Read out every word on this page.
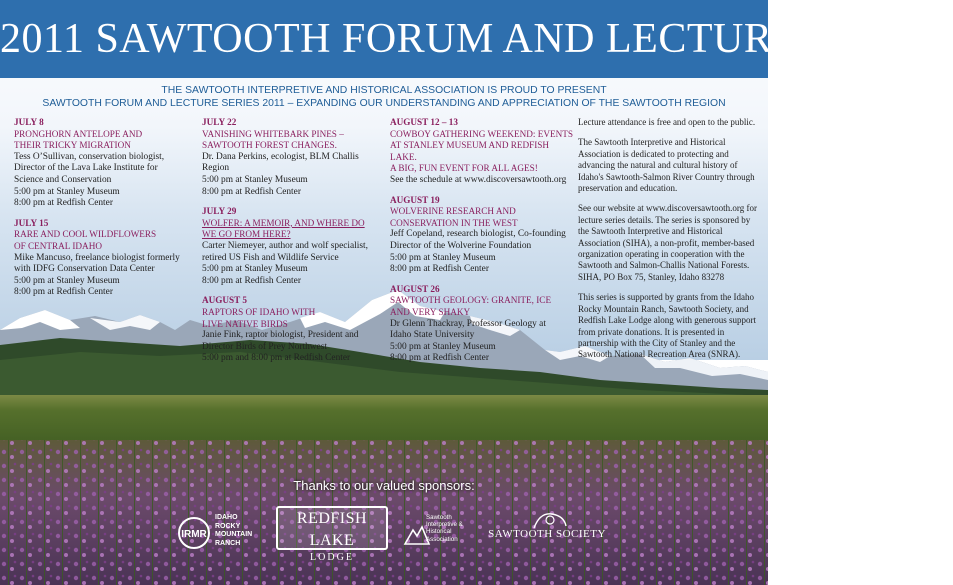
2011 SAWTOOTH FORUM AND LECTURE SERIES
THE SAWTOOTH INTERPRETIVE AND HISTORICAL ASSOCIATION IS PROUD TO PRESENT
SAWTOOTH FORUM AND LECTURE SERIES 2011 – EXPANDING OUR UNDERSTANDING AND APPRECIATION OF THE SAWTOOTH REGION
JULY 8
PRONGHORN ANTELOPE AND
THEIR TRICKY MIGRATION
Tess O’Sullivan, conservation biologist,
Director of the Lava Lake Institute for
Science and Conservation
5:00 pm at Stanley Museum
8:00 pm at Redfish Center
JULY 15
RARE AND COOL WILDFLOWERS
OF CENTRAL IDAHO
Mike Mancuso, freelance biologist formerly
with IDFG Conservation Data Center
5:00 pm at Stanley Museum
8:00 pm at Redfish Center
JULY 22
VANISHING WHITEBARK PINES –
SAWTOOTH FOREST CHANGES.
Dr. Dana Perkins, ecologist, BLM Challis Region
5:00 pm at Stanley Museum
8:00 pm at Redfish Center
JULY 29
WOLFER: A MEMOIR, AND WHERE DO
WE GO FROM HERE?
Carter Niemeyer, author and wolf specialist,
retired US Fish and Wildlife Service
5:00 pm at Stanley Museum
8:00 pm at Redfish Center
AUGUST 5
RAPTORS OF IDAHO WITH
LIVE NATIVE BIRDS
Janie Fink, raptor biologist, President and
Director Birds of Prey Northwest
5:00 pm and 8:00 pm at Redfish Center
AUGUST 12 – 13
COWBOY GATHERING WEEKEND: EVENTS
AT STANLEY MUSEUM AND REDFISH LAKE.
A BIG, FUN EVENT FOR ALL AGES!
See the schedule at www.discoversawtooth.org
AUGUST 19
WOLVERINE RESEARCH AND
CONSERVATION IN THE WEST
Jeff Copeland, research biologist, Co-founding
Director of the Wolverine Foundation
5:00 pm at Stanley Museum
8:00 pm at Redfish Center
AUGUST 26
SAWTOOTH GEOLOGY: GRANITE, ICE
AND VERY SHAKY
Dr Glenn Thackray, Professor Geology at
Idaho State University
5:00 pm at Stanley Museum
8:00 pm at Redfish Center

Lecture attendance is free and open to the public.

The Sawtooth Interpretive and Historical Association is dedicated to protecting and advancing the natural and cultural history of Idaho's Sawtooth-Salmon River Country through preservation and education.

See our website at www.discoversawtooth.org for lecture series details. The series is sponsored by the Sawtooth Interpretive and Historical Association (SIHA), a non-profit, member-based organization operating in cooperation with the Sawtooth and Salmon-Challis National Forests. SIHA, PO Box 75, Stanley, Idaho 83278

This series is supported by grants from the Idaho Rocky Mountain Ranch, Sawtooth Society, and Redfish Lake Lodge along with generous support from private donations. It is presented in partnership with the City of Stanley and the Sawtooth National Recreation Area (SNRA).

Thanks to our valued sponsors:
IRMR
IDAHO
ROCKY
MOUNTAIN
RANCH
REDFISH LAKE
LODGE
Sawtooth
Interpretive &
Historical
Association	SAWTOOTH SOCIETY
